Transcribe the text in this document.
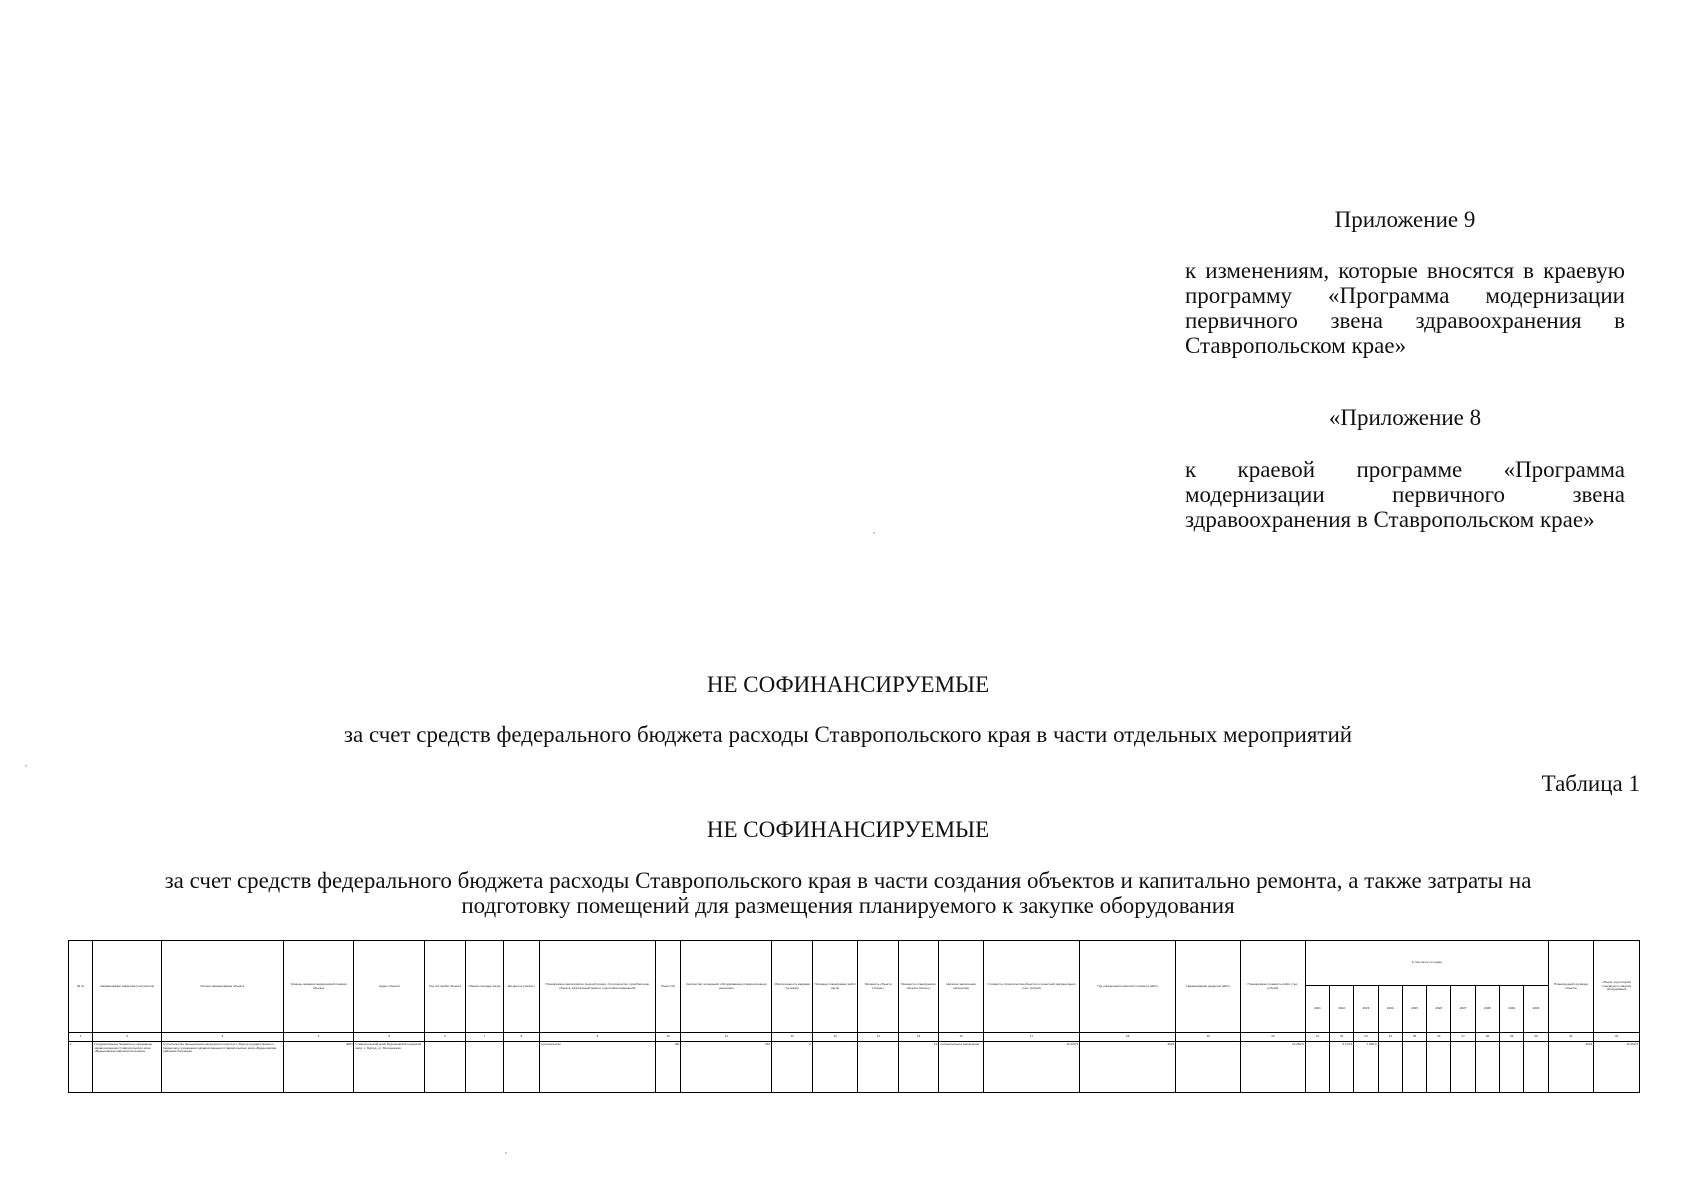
Приложение 9

к изменениям, которые вносятся в краевую программу «Программа модернизации первичного звена здравоохранения в Ставропольском крае»

«Приложение 8

к краевой программе «Программа модернизации первичного звена здравоохранения в Ставропольском крае»

НЕ СОФИНАНСИРУЕМЫЕ
за счет средств федерального бюджета расходы Ставропольского края в части отдельных мероприятий
Таблица 1
НЕ СОФИНАНСИРУЕМЫЕ
за счет средств федерального бюджета расходы Ставропольского края в части создания объектов и капитально ремонта, а также затраты на подготовку помещений для размещения планируемого к закупке оборудования
№ пп	Наименование заказчика (получателя)	Полное наименование объекта	Уровень оказания медицинской помощи объекта	Адрес объекта	Год постройки объекта	Общая площадь (кв.м)	Мощность (посещ.)	Планируемое мероприятие (реконструкция, строительство, приобретение объекта, капитальный ремонт, подготовка помещений)	Износ (%)	Количество посещений, обслуживаемое (прикрепленное) население	Обеспеченность кадрами (человек)	Площадь планируемых работ (кв.м)	Мощность объекта (посещ.)	Мощность планируемого объекта (посещ.)	Наличие заключения экспертизы	Стоимость строительства объекта по проектной документации (тыс. рублей)	Год определения сметной стоимости работ	Наименование разделов работ	Планируемая стоимость работ (тыс. рублей)	в том числе по годам										Планируемый год ввода объекта	Объем, под который планируется закупка оборудования
																				2021	2022	2023	2024	2025	2026	2027	2028	2029	2030		
1	2	3	4	5	6	7	8	9	10	11	12	13	14	15	16	17	18	19	20	21	22	23	24	25	26	27	28	29	30	31	32
1.	Государственное бюджетное учреждение здравоохранения Ставропольского края «Буденновская районная больница»	Строительство фельдшерско-акушерского пункта в х. Бургуд государственного бюджетного учреждения здравоохранения Ставропольского края «Буденновская районная больница»	ФАП	Ставропольский край, Буденновский городской округ, х. Бургуд, ул. Молодежная	-	-	-	строительство	100	561	2	-	-	10	положительное заключение	12 260,5	2021	-	12 260,5	-	5 170,5	7 090,0	-	-	-	-	-	-	-	2023	12 260,5
